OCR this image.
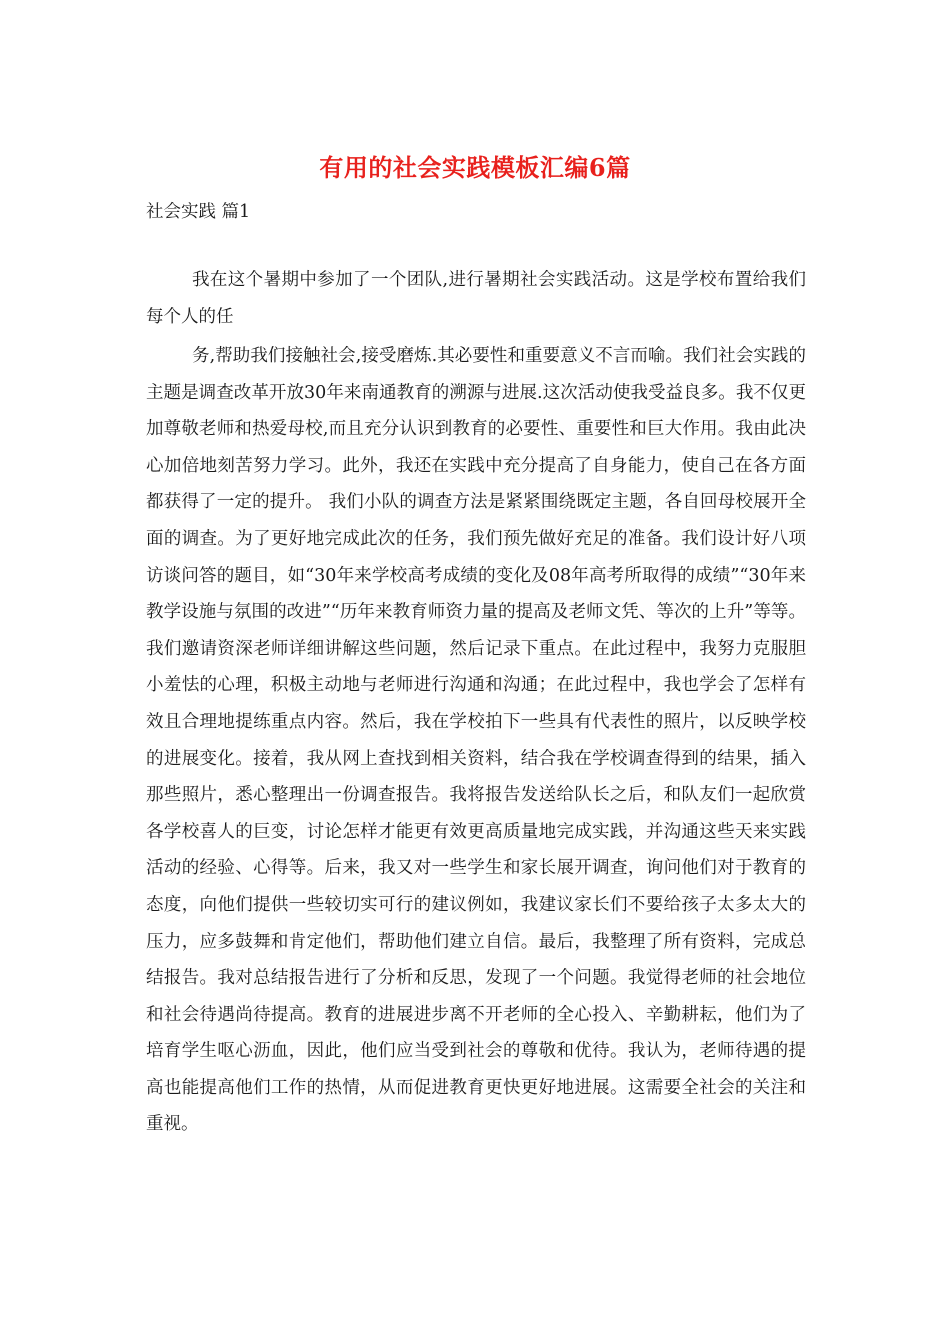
有用的社会实践模板汇编6篇
社会实践 篇1

我在这个暑期中参加了一个团队,进行暑期社会实践活动。这是学校布置给我们每个人的任

务,帮助我们接触社会,接受磨炼.其必要性和重要意义不言而喻。我们社会实践的主题是调查改革开放30年来南通教育的溯源与进展.这次活动使我受益良多。我不仅更加尊敬老师和热爱母校,而且充分认识到教育的必要性、重要性和巨大作用。我由此决心加倍地刻苦努力学习。此外，我还在实践中充分提高了自身能力，使自己在各方面都获得了一定的提升。 我们小队的调查方法是紧紧围绕既定主题，各自回母校展开全面的调查。为了更好地完成此次的任务，我们预先做好充足的准备。我们设计好八项访谈问答的题目，如“30年来学校高考成绩的变化及08年高考所取得的成绩”“30年来教学设施与氛围的改进”“历年来教育师资力量的提高及老师文凭、等次的上升”等等。我们邀请资深老师详细讲解这些问题，然后记录下重点。在此过程中，我努力克服胆小羞怯的心理，积极主动地与老师进行沟通和沟通；在此过程中，我也学会了怎样有效且合理地提练重点内容。然后，我在学校拍下一些具有代表性的照片，以反映学校的进展变化。接着，我从网上查找到相关资料，结合我在学校调查得到的结果，插入那些照片，悉心整理出一份调查报告。我将报告发送给队长之后，和队友们一起欣赏各学校喜人的巨变，讨论怎样才能更有效更高质量地完成实践，并沟通这些天来实践活动的经验、心得等。后来，我又对一些学生和家长展开调查，询问他们对于教育的态度，向他们提供一些较切实可行的建议例如，我建议家长们不要给孩子太多太大的压力，应多鼓舞和肯定他们，帮助他们建立自信。最后，我整理了所有资料，完成总结报告。我对总结报告进行了分析和反思，发现了一个问题。我觉得老师的社会地位和社会待遇尚待提高。教育的进展进步离不开老师的全心投入、辛勤耕耘，他们为了培育学生呕心沥血，因此，他们应当受到社会的尊敬和优待。我认为，老师待遇的提高也能提高他们工作的热情，从而促进教育更快更好地进展。这需要全社会的关注和重视。
